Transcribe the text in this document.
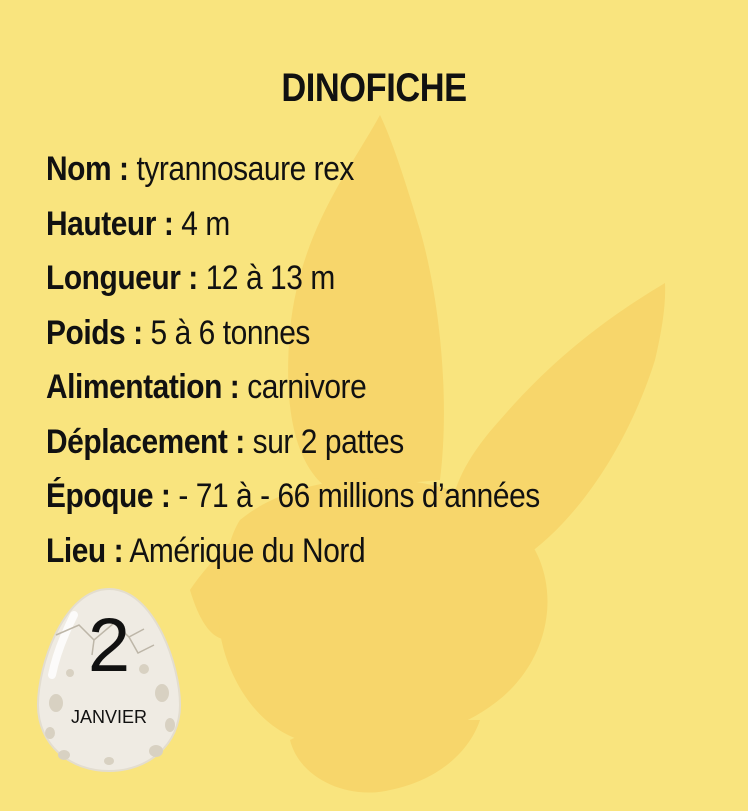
DINOFICHE
Nom : tyrannosaure rex
Hauteur : 4 m
Longueur : 12 à 13 m
Poids : 5 à 6 tonnes
Alimentation : carnivore
Déplacement : sur 2 pattes
Époque : - 71 à - 66 millions d’années
Lieu : Amérique du Nord
2
JANVIER
